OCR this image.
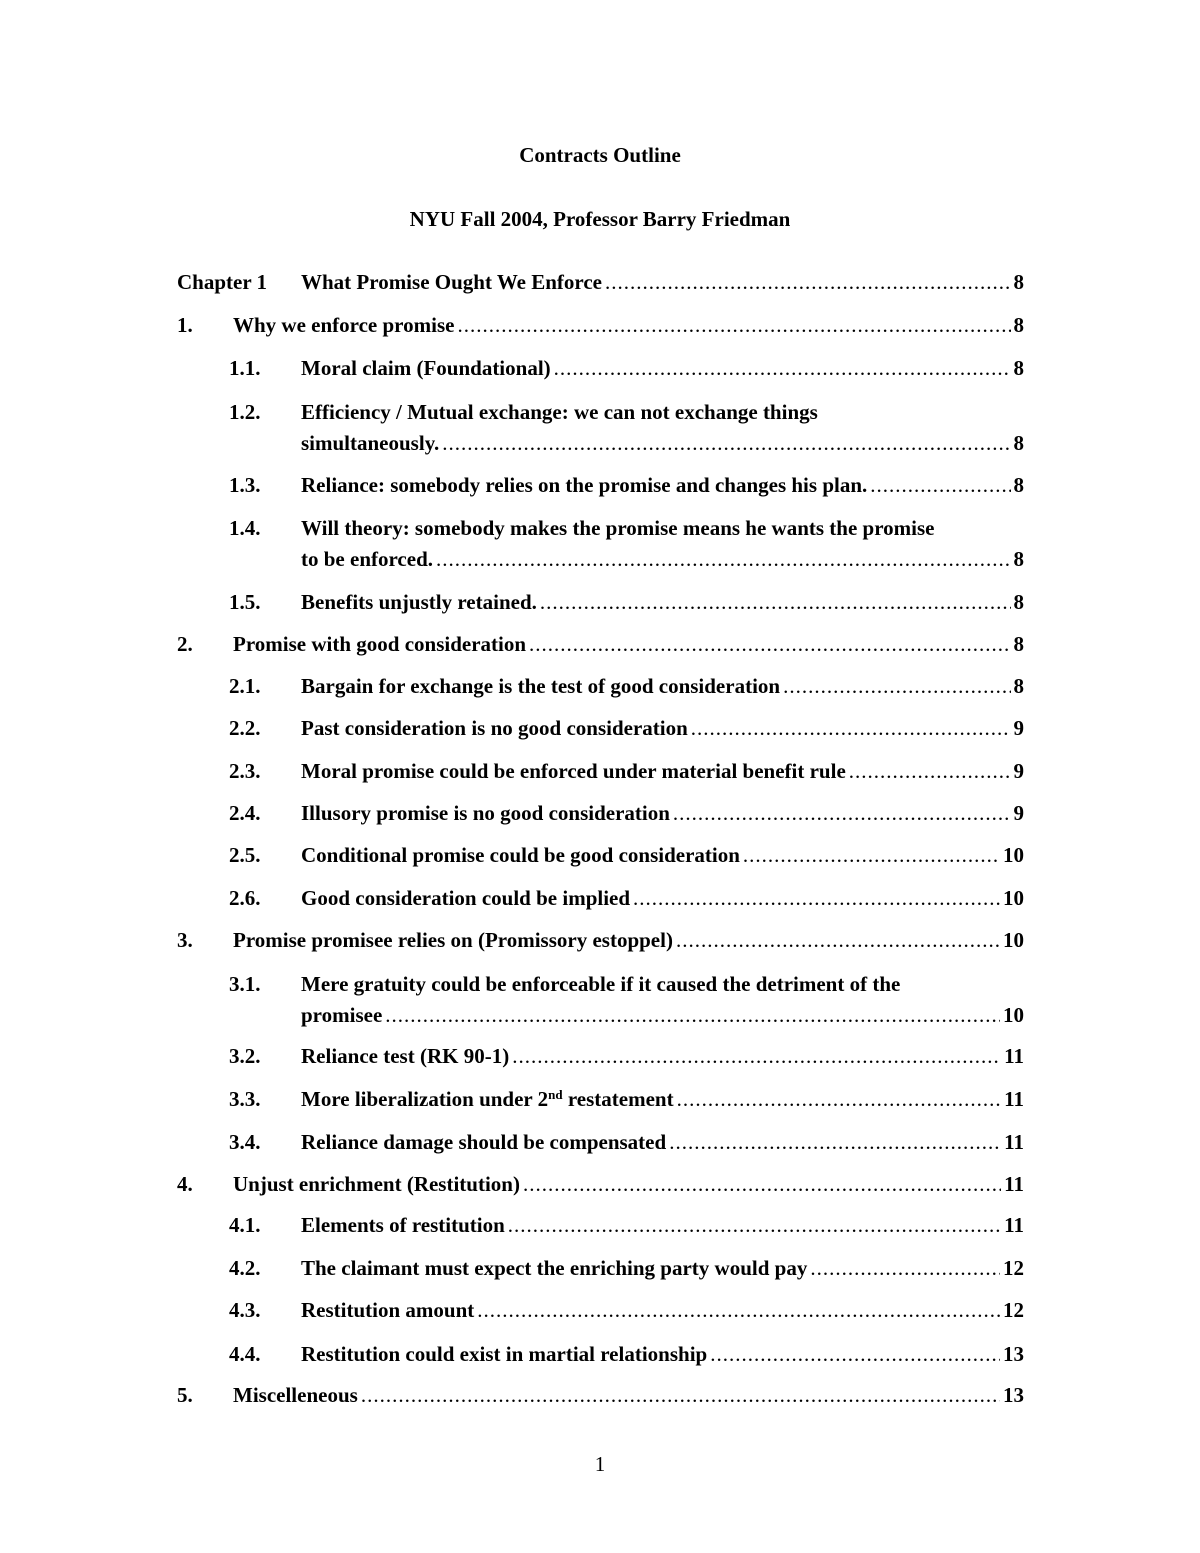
Contracts Outline
NYU Fall 2004, Professor Barry Friedman
Chapter 1 What Promise Ought We Enforce .....	8
1. Why we enforce promise .....	8
1.1. Moral claim (Foundational) .....	8
1.2. Efficiency / Mutual exchange: we can not exchange things
simultaneously. .....	8
1.3. Reliance: somebody relies on the promise and changes his plan. .....	8
1.4. Will theory: somebody makes the promise means he wants the promise
to be enforced. .....	8
1.5. Benefits unjustly retained. .....	8
2. Promise with good consideration .....	8
2.1. Bargain for exchange is the test of good consideration .....	8
2.2. Past consideration is no good consideration .....	9
2.3. Moral promise could be enforced under material benefit rule .....	9
2.4. Illusory promise is no good consideration .....	9
2.5. Conditional promise could be good consideration .....	10
2.6. Good consideration could be implied .....	10
3. Promise promisee relies on (Promissory estoppel) .....	10
3.1. Mere gratuity could be enforceable if it caused the detriment of the
promisee .....	10
3.2. Reliance test (RK 90-1) .....	11
3.3. More liberalization under 2nd restatement .....	11
3.4. Reliance damage should be compensated .....	11
4. Unjust enrichment (Restitution) .....	11
4.1. Elements of restitution .....	11
4.2. The claimant must expect the enriching party would pay .....	12
4.3. Restitution amount .....	12
4.4. Restitution could exist in martial relationship .....	13
5. Miscelleneous .....	13
1
